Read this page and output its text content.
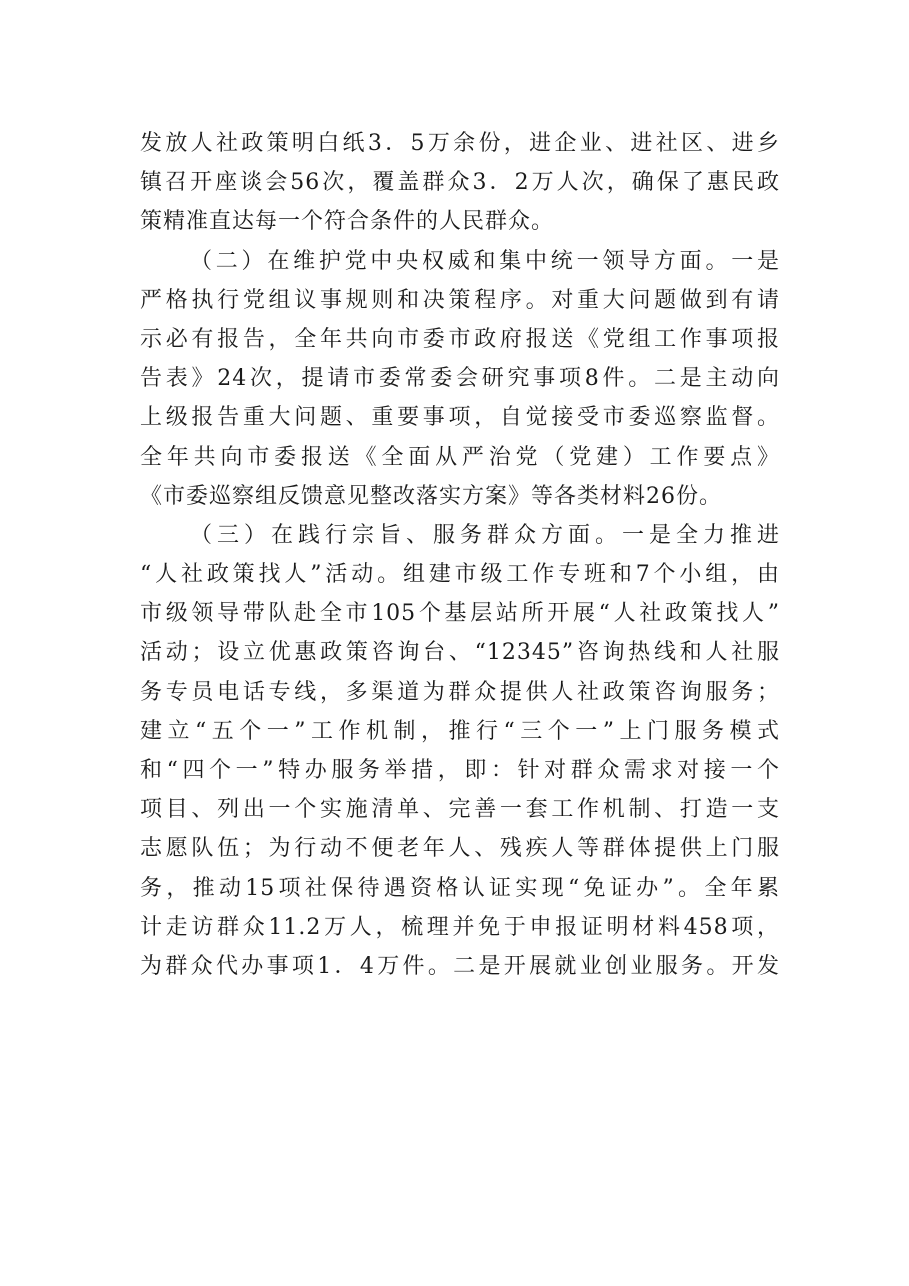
发放人社政策明白纸3．5万余份，进企业、进社区、进乡
镇召开座谈会56次，覆盖群众3．2万人次，确保了惠民政
策精准直达每一个符合条件的人民群众。
（二）在维护党中央权威和集中统一领导方面。一是
严格执行党组议事规则和决策程序。对重大问题做到有请
示必有报告，全年共向市委市政府报送《党组工作事项报
告表》24次，提请市委常委会研究事项8件。二是主动向
上级报告重大问题、重要事项，自觉接受市委巡察监督。
全年共向市委报送《全面从严治党（党建）工作要点》
《市委巡察组反馈意见整改落实方案》等各类材料26份。
（三）在践行宗旨、服务群众方面。一是全力推进
“人社政策找人”活动。组建市级工作专班和7个小组，由
市级领导带队赴全市105个基层站所开展“人社政策找人”
活动；设立优惠政策咨询台、“12345”咨询热线和人社服
务专员电话专线，多渠道为群众提供人社政策咨询服务；
建立“五个一”工作机制，推行“三个一”上门服务模式
和“四个一”特办服务举措，即：针对群众需求对接一个
项目、列出一个实施清单、完善一套工作机制、打造一支
志愿队伍；为行动不便老年人、残疾人等群体提供上门服
务，推动15项社保待遇资格认证实现“免证办”。全年累
计走访群众11.2万人，梳理并免于申报证明材料458项，
为群众代办事项1．4万件。二是开展就业创业服务。开发
